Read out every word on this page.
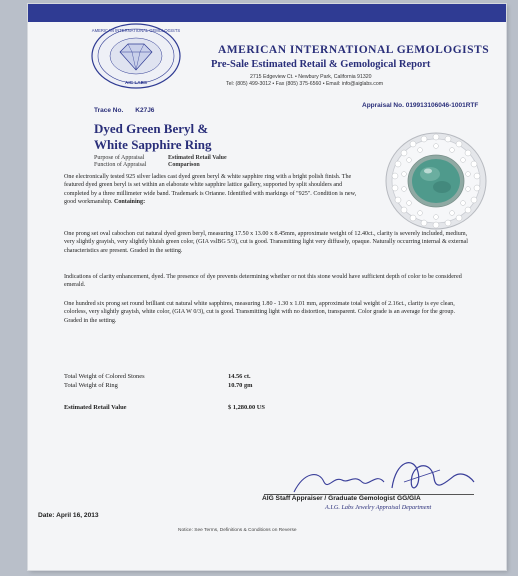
AMERICAN INTERNATIONAL GEMOLOGISTS
AIG LABS
AMERICAN INTERNATIONAL GEMOLOGISTS
Pre-Sale Estimated Retail & Gemological Report
2715 Edgeview Ct. • Newbury Park, California 91320
Tel: (805) 499-3012 • Fax (805) 375-6560 • Email: info@aiglabs.com
Appraisal No. 019913106046-1001RTF
Trace No. K27J6
Dyed Green Beryl &
White Sapphire Ring
Purpose of Appraisal	Estimated Retail Value
Function of Appraisal	Comparison
One electronically tested 925 silver ladies cast dyed green beryl & white sapphire ring with a bright polish finish. The featured dyed green beryl is set within an elaborate white sapphire lattice gallery, supported by split shoulders and completed by a three millimeter wide band. Trademark is Orianne. Identified with markings of "925". Condition is new, good workmanship. Containing:
One prong set oval cabochon cut natural dyed green beryl, measuring 17.50 x 13.00 x 8.45mm, approximate weight of 12.40ct., clarity is severely included, medium, very slightly grayish, very slightly bluish green color, (GIA vslBG 5/3), cut is good. Transmitting light very diffusely, opaque. Naturally occurring internal & external characteristics are present. Graded in the setting.
Indications of clarity enhancement, dyed. The presence of dye prevents determining whether or not this stone would have sufficient depth of color to be considered emerald.
One hundred six prong set round brilliant cut natural white sapphires, measuring 1.80 - 1.30 x 1.01 mm, approximate total weight of 2.16ct., clarity is eye clean, colorless, very slightly grayish, white color, (GIA W 0/3), cut is good. Transmitting light with no distortion, transparent. Color grade is an average for the group. Graded in the setting.
Total Weight of Colored Stones	14.56 ct.
Total Weight of Ring	10.70 gm
Estimated Retail Value	$ 1,280.00 US
AIG Staff Appraiser / Graduate Gemologist GG/GIA
A.I.G. Labs Jewelry Appraisal Department
Date: April 16, 2013
Notice: See Terms, Definitions & Conditions on Reverse
